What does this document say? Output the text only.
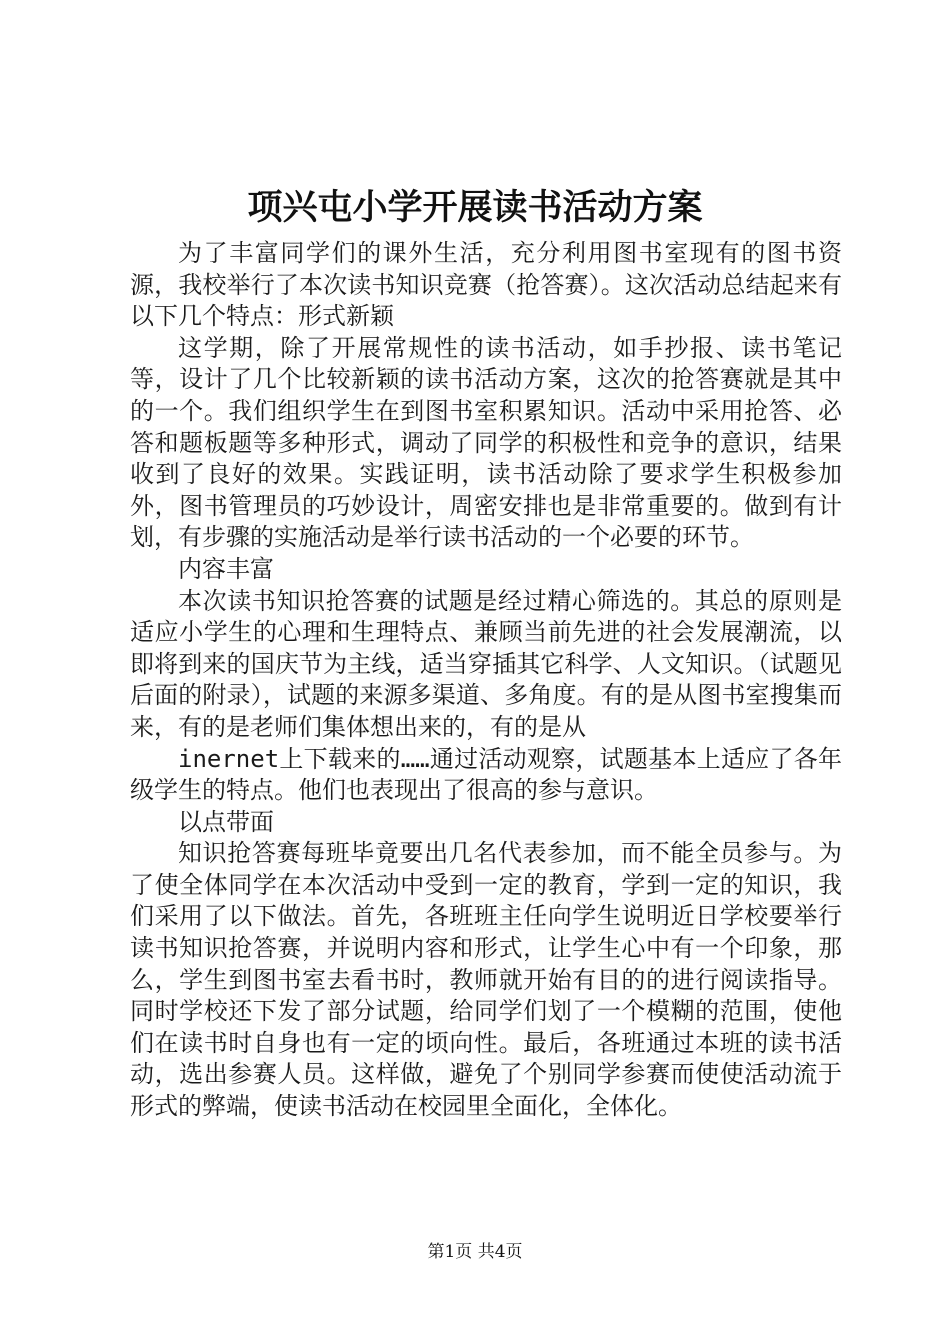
项兴屯小学开展读书活动方案

为了丰富同学们的课外生活，充分利用图书室现有的图书资源，我校举行了本次读书知识竞赛（抢答赛）。这次活动总结起来有以下几个特点：形式新颖

这学期，除了开展常规性的读书活动，如手抄报、读书笔记等，设计了几个比较新颖的读书活动方案，这次的抢答赛就是其中的一个。我们组织学生在到图书室积累知识。活动中采用抢答、必答和题板题等多种形式，调动了同学的积极性和竞争的意识，结果收到了良好的效果。实践证明，读书活动除了要求学生积极参加外，图书管理员的巧妙设计，周密安排也是非常重要的。做到有计划，有步骤的实施活动是举行读书活动的一个必要的环节。

内容丰富

本次读书知识抢答赛的试题是经过精心筛选的。其总的原则是适应小学生的心理和生理特点、兼顾当前先进的社会发展潮流，以即将到来的国庆节为主线，适当穿插其它科学、人文知识。（试题见后面的附录），试题的来源多渠道、多角度。有的是从图书室搜集而来，有的是老师们集体想出来的，有的是从

inernet上下载来的……通过活动观察，试题基本上适应了各年级学生的特点。他们也表现出了很高的参与意识。

以点带面

知识抢答赛每班毕竟要出几名代表参加，而不能全员参与。为了使全体同学在本次活动中受到一定的教育，学到一定的知识，我们采用了以下做法。首先，各班班主任向学生说明近日学校要举行读书知识抢答赛，并说明内容和形式，让学生心中有一个印象，那么，学生到图书室去看书时，教师就开始有目的的进行阅读指导。同时学校还下发了部分试题，给同学们划了一个模糊的范围，使他们在读书时自身也有一定的顷向性。最后，各班通过本班的读书活动，选出参赛人员。这样做，避免了个别同学参赛而使使活动流于形式的弊端，使读书活动在校园里全面化，全体化。

第1页 共4页
